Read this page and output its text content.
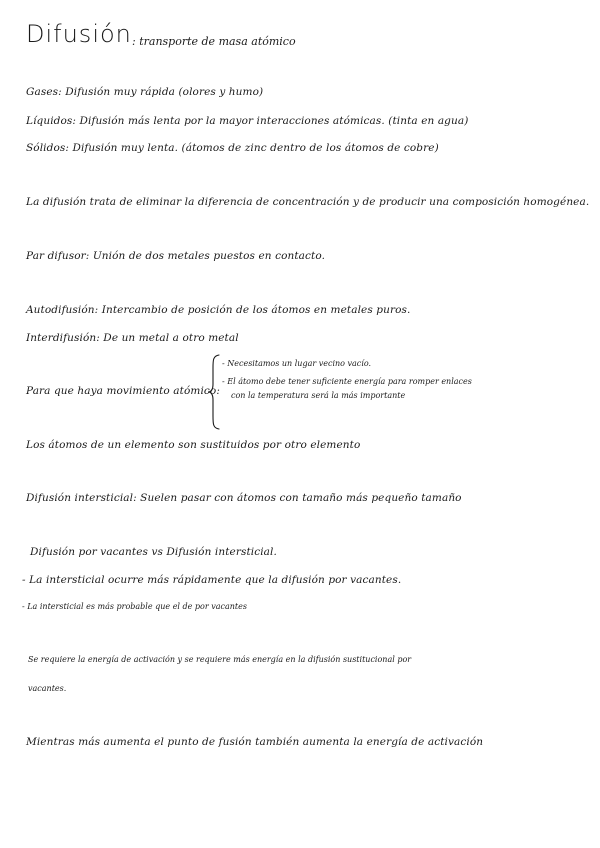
Difusión : transporte de masa atómico
Gases: Difusión muy rápida (olores y humo)
Líquidos: Difusión más lenta por la mayor interacciones atómicas. (tinta en agua)
Sólidos: Difusión muy lenta. (átomos de zinc dentro de los átomos de cobre)
La difusión trata de eliminar la diferencia de concentración y de producir una composición homogénea.
Par difusor: Unión de dos metales puestos en contacto.
Autodifusión: Intercambio de posición de los átomos en metales puros.
Interdifusión: De un metal a otro metal
Para que haya movimiento atómico:
- Necesitamos un lugar vecino vacío.
- El átomo debe tener suficiente energía para romper enlaces
con la temperatura será la más importante
Los átomos de un elemento son sustituidos por otro elemento
Difusión intersticial: Suelen pasar con átomos con tamaño más pequeño tamaño
Difusión por vacantes vs Difusión intersticial.
- La intersticial ocurre más rápidamente que la difusión por vacantes.
- La intersticial es más probable que el de por vacantes
Se requiere la energía de activación y se requiere más energía en la difusión sustitucional por
vacantes.
Mientras más aumenta el punto de fusión también aumenta la energía de activación
